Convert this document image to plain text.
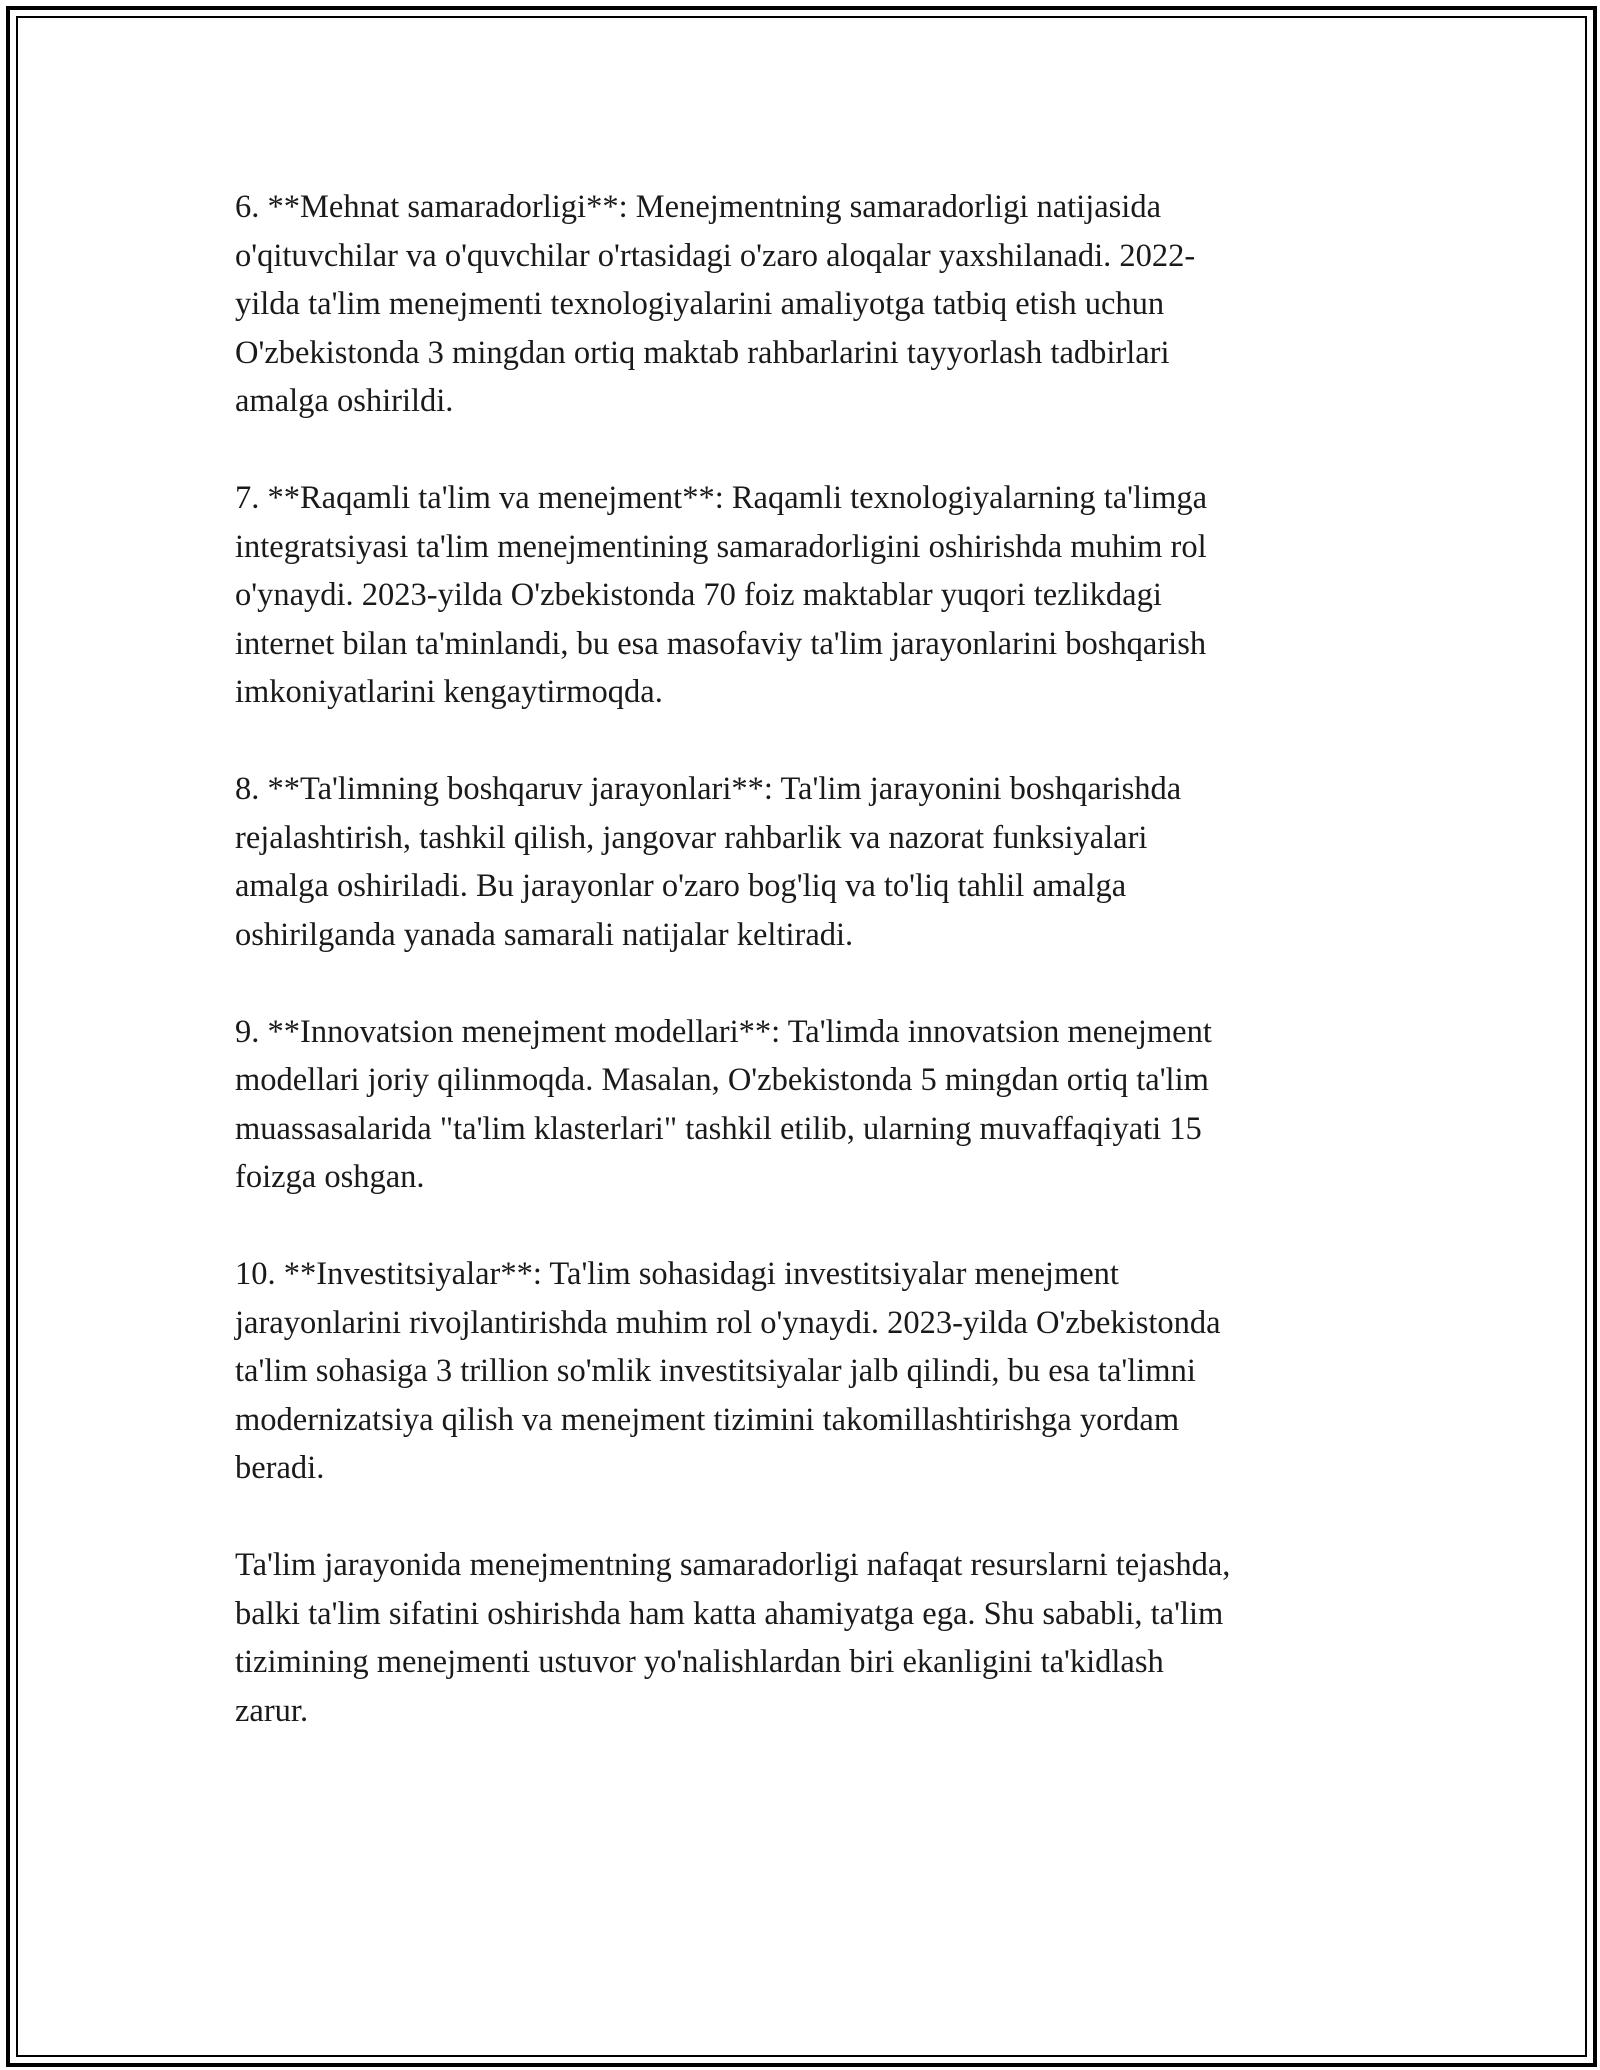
6. **Mehnat samaradorligi**: Menejmentning samaradorligi natijasida
o'qituvchilar va o'quvchilar o'rtasidagi o'zaro aloqalar yaxshilanadi. 2022-
yilda ta'lim menejmenti texnologiyalarini amaliyotga tatbiq etish uchun
O'zbekistonda 3 mingdan ortiq maktab rahbarlarini tayyorlash tadbirlari
amalga oshirildi.

7. **Raqamli ta'lim va menejment**: Raqamli texnologiyalarning ta'limga
integratsiyasi ta'lim menejmentining samaradorligini oshirishda muhim rol
o'ynaydi. 2023-yilda O'zbekistonda 70 foiz maktablar yuqori tezlikdagi
internet bilan ta'minlandi, bu esa masofaviy ta'lim jarayonlarini boshqarish
imkoniyatlarini kengaytirmoqda.

8. **Ta'limning boshqaruv jarayonlari**: Ta'lim jarayonini boshqarishda
rejalashtirish, tashkil qilish, jangovar rahbarlik va nazorat funksiyalari
amalga oshiriladi. Bu jarayonlar o'zaro bog'liq va to'liq tahlil amalga
oshirilganda yanada samarali natijalar keltiradi.

9. **Innovatsion menejment modellari**: Ta'limda innovatsion menejment
modellari joriy qilinmoqda. Masalan, O'zbekistonda 5 mingdan ortiq ta'lim
muassasalarida "ta'lim klasterlari" tashkil etilib, ularning muvaffaqiyati 15
foizga oshgan.

10. **Investitsiyalar**: Ta'lim sohasidagi investitsiyalar menejment
jarayonlarini rivojlantirishda muhim rol o'ynaydi. 2023-yilda O'zbekistonda
ta'lim sohasiga 3 trillion so'mlik investitsiyalar jalb qilindi, bu esa ta'limni
modernizatsiya qilish va menejment tizimini takomillashtirishga yordam
beradi.

Ta'lim jarayonida menejmentning samaradorligi nafaqat resurslarni tejashda,
balki ta'lim sifatini oshirishda ham katta ahamiyatga ega. Shu sababli, ta'lim
tizimining menejmenti ustuvor yo'nalishlardan biri ekanligini ta'kidlash
zarur.
